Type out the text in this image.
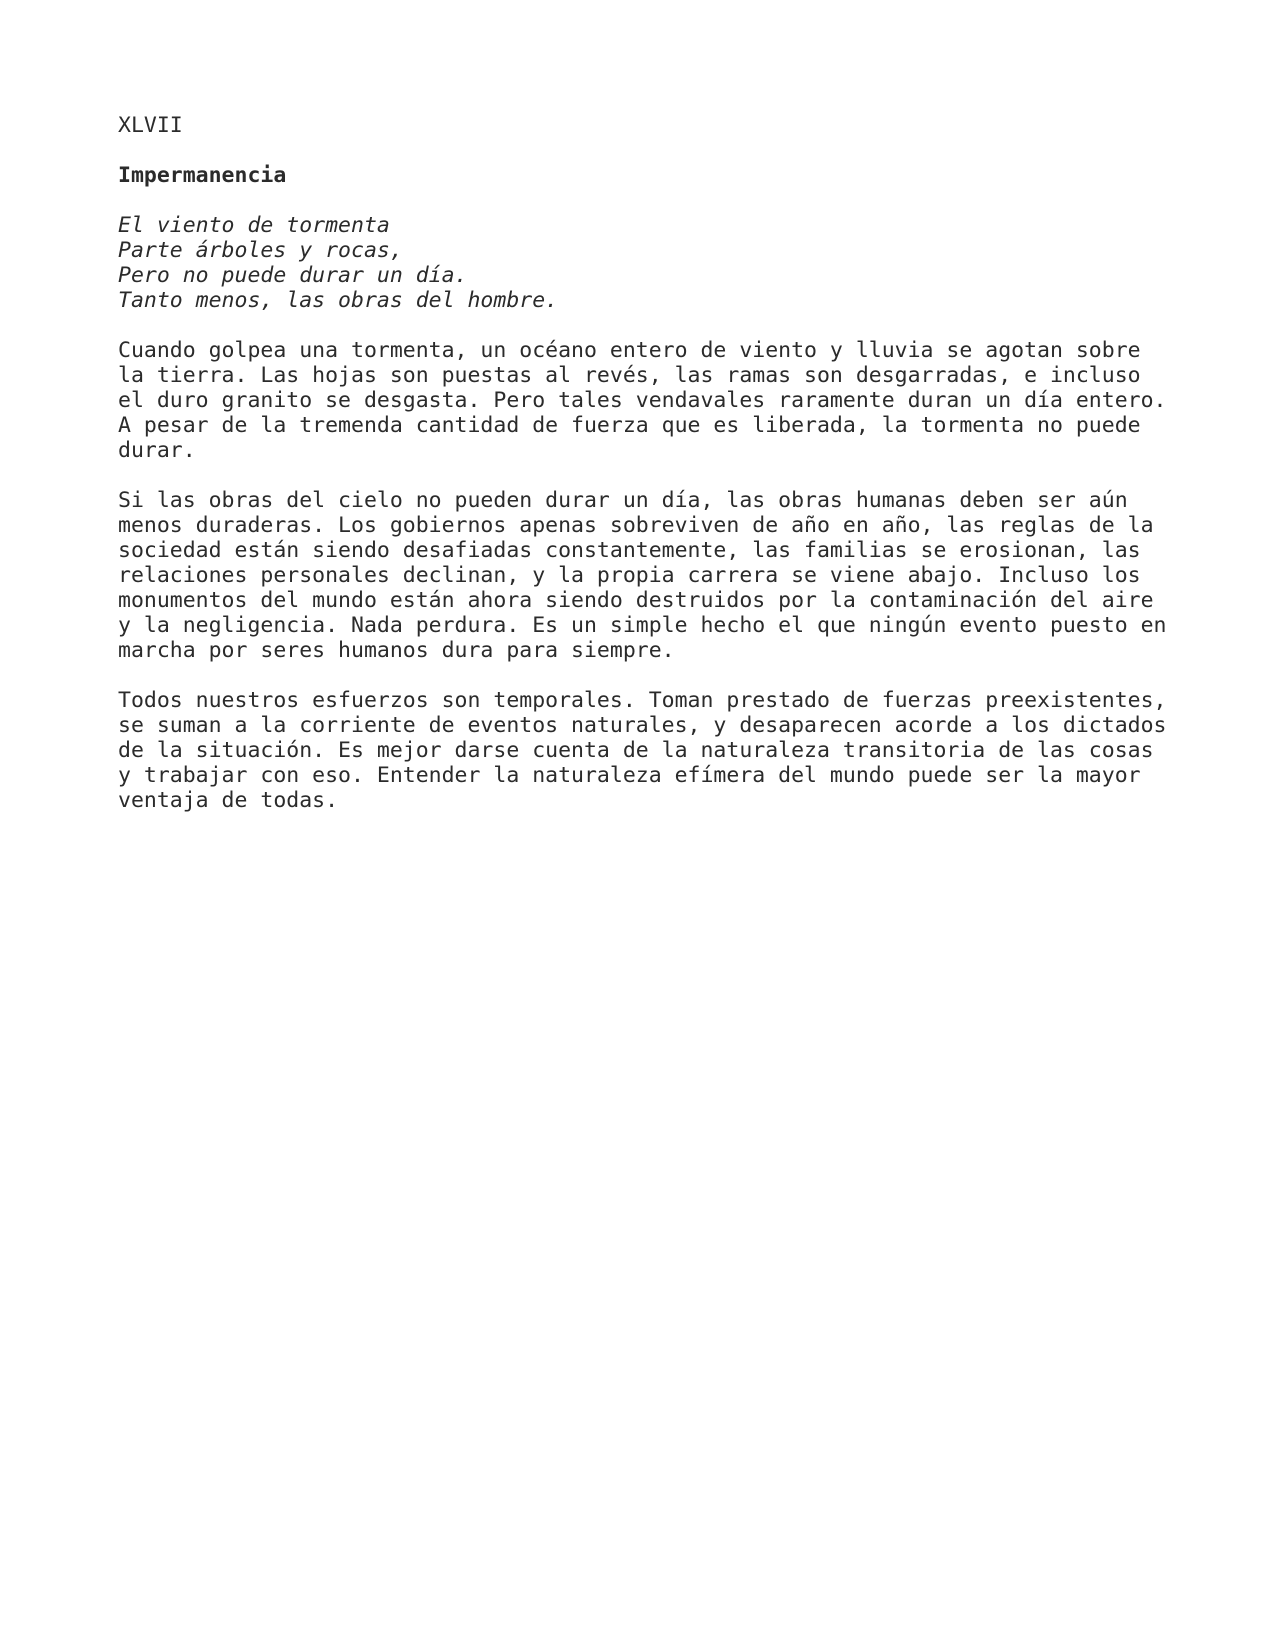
XLVII
Impermanencia
El viento de tormenta
Parte árboles y rocas,
Pero no puede durar un día.
Tanto menos, las obras del hombre.

Cuando golpea una tormenta, un océano entero de viento y lluvia se agotan sobre la tierra. Las hojas son puestas al revés, las ramas son desgarradas, e incluso el duro granito se desgasta. Pero tales vendavales raramente duran un día entero. A pesar de la tremenda cantidad de fuerza que es liberada, la tormenta no puede durar.

Si las obras del cielo no pueden durar un día, las obras humanas deben ser aún menos duraderas. Los gobiernos apenas sobreviven de año en año, las reglas de la sociedad están siendo desafiadas constantemente, las familias se erosionan, las relaciones personales declinan, y la propia carrera se viene abajo. Incluso los monumentos del mundo están ahora siendo destruidos por la contaminación del aire y la negligencia. Nada perdura. Es un simple hecho el que ningún evento puesto en marcha por seres humanos dura para siempre.

Todos nuestros esfuerzos son temporales. Toman prestado de fuerzas preexistentes, se suman a la corriente de eventos naturales, y desaparecen acorde a los dictados de la situación. Es mejor darse cuenta de la naturaleza transitoria de las cosas y trabajar con eso. Entender la naturaleza efímera del mundo puede ser la mayor ventaja de todas.
